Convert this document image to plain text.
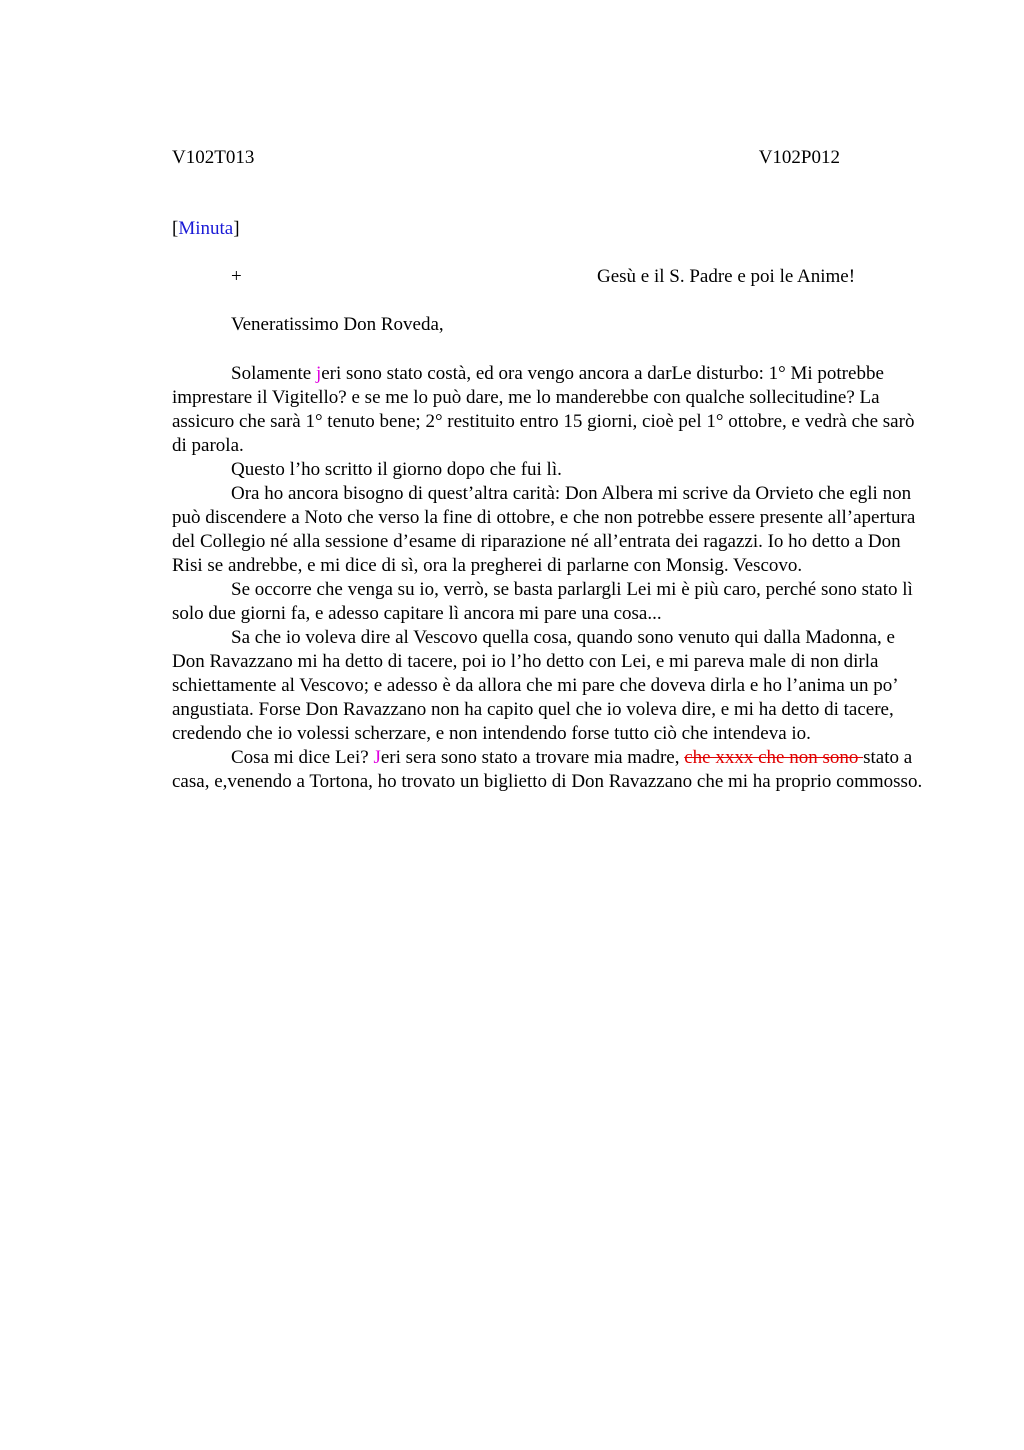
V102T013	V102P012
[Minuta]
+	Gesù e il S. Padre e poi le Anime!
Veneratissimo Don Roveda,

Solamente jeri sono stato costà, ed ora vengo ancora a darLe disturbo: 1° Mi potrebbe imprestare il Vigitello? e se me lo può dare, me lo manderebbe con qualche sollecitudine? La assicuro che sarà 1° tenuto bene; 2° restituito entro 15 giorni, cioè pel 1° ottobre, e vedrà che sarò di parola.

Questo l’ho scritto il giorno dopo che fui lì.

Ora ho ancora bisogno di quest’altra carità: Don Albera mi scrive da Orvieto che egli non può discendere a Noto che verso la fine di ottobre, e che non potrebbe essere presente all’apertura del Collegio né alla sessione d’esame di riparazione né all’entrata dei ragazzi. Io ho detto a Don Risi se andrebbe, e mi dice di sì, ora la pregherei di parlarne con Monsig. Vescovo.

Se occorre che venga su io, verrò, se basta parlargli Lei mi è più caro, perché sono stato lì solo due giorni fa, e adesso capitare lì ancora mi pare una cosa...

Sa che io voleva dire al Vescovo quella cosa, quando sono venuto qui dalla Madonna, e Don Ravazzano mi ha detto di tacere, poi io l’ho detto con Lei, e mi pareva male di non dirla schiettamente al Vescovo; e adesso è da allora che mi pare che doveva dirla e ho l’anima un po’ angustiata. Forse Don Ravazzano non ha capito quel che io voleva dire, e mi ha detto di tacere, credendo che io volessi scherzare, e non intendendo forse tutto ciò che intendeva io.

Cosa mi dice Lei? Jeri sera sono stato a trovare mia madre, che xxxx che non sono stato a casa, e,venendo a Tortona, ho trovato un biglietto di Don Ravazzano che mi ha proprio commosso.
